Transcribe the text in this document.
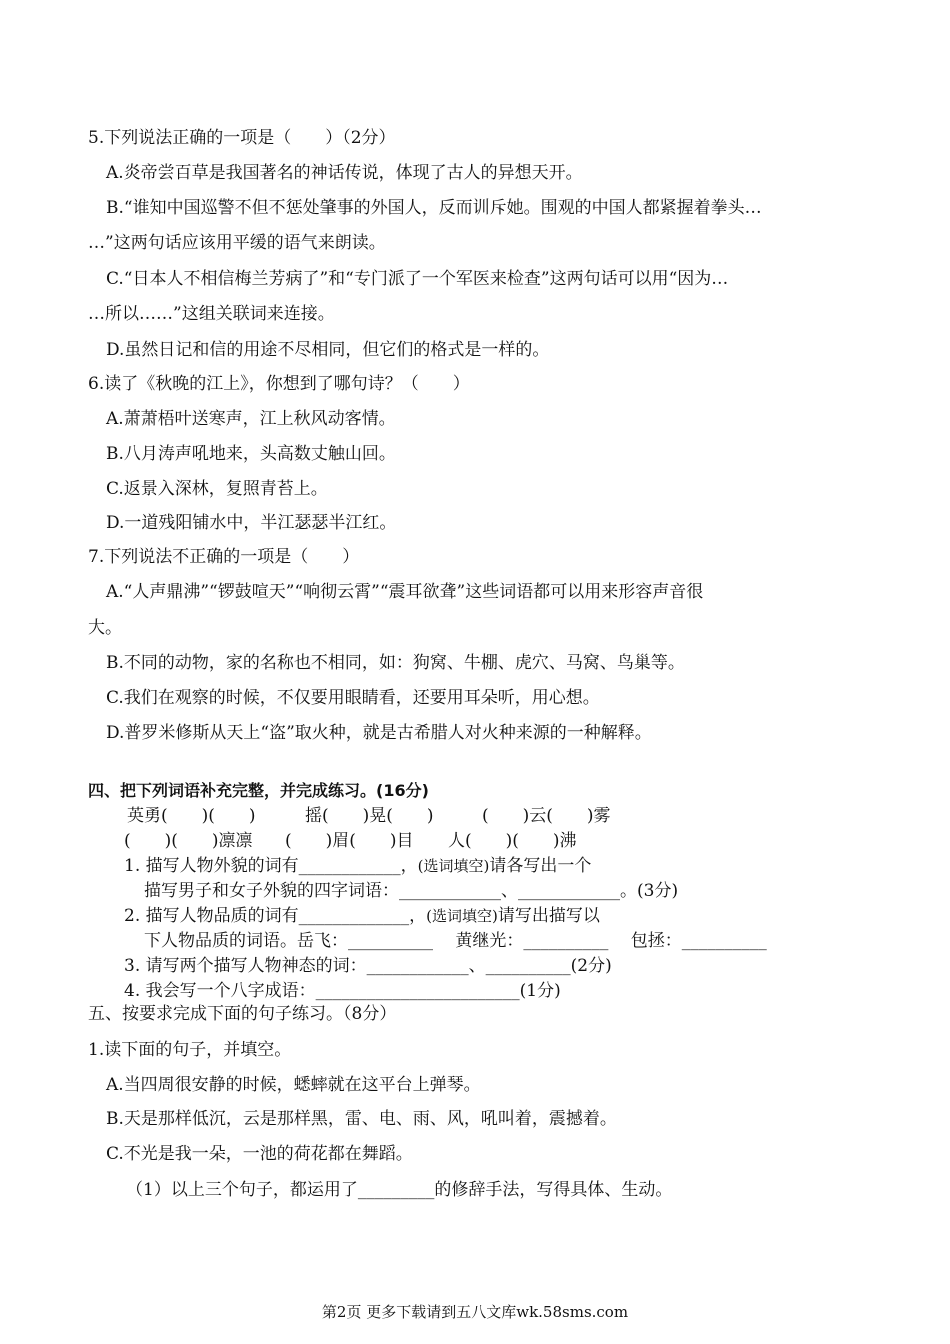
5.下列说法正确的一项是（　　）（2分）
A.炎帝尝百草是我国著名的神话传说，体现了古人的异想天开。
B.“谁知中国巡警不但不惩处肇事的外国人，反而训斥她。围观的中国人都紧握着拳头…
…”这两句话应该用平缓的语气来朗读。
C.“日本人不相信梅兰芳病了”和“专门派了一个军医来检查”这两句话可以用“因为…
…所以……”这组关联词来连接。
D.虽然日记和信的用途不尽相同，但它们的格式是一样的。
6.读了《秋晚的江上》，你想到了哪句诗？（　　）
A.萧萧梧叶送寒声，江上秋风动客情。
B.八月涛声吼地来，头高数丈触山回。
C.返景入深林，复照青苔上。
D.一道残阳铺水中，半江瑟瑟半江红。
7.下列说法不正确的一项是（　　）
A.“人声鼎沸”“锣鼓喧天”“响彻云霄”“震耳欲聋”这些词语都可以用来形容声音很
大。
B.不同的动物，家的名称也不相同，如：狗窝、牛棚、虎穴、马窝、鸟巢等。
C.我们在观察的时候，不仅要用眼睛看，还要用耳朵听，用心想。
D.普罗米修斯从天上“盗”取火种，就是古希腊人对火种来源的一种解释。
四、把下列词语补充完整，并完成练习。(16分)
英勇(　　)(　　)	摇(　　)晃(　　)	(　　)云(　　)雾
(　　)(　　)凛凛 (　　)眉(　　)目 人(　　)(　　)沸
1. 描写人物外貌的词有____________，(选词填空)请各写出一个
描写男子和女子外貌的四字词语：____________、____________。(3分)
2. 描写人物品质的词有_____________，(选词填空)请写出描写以
下人物品质的词语。岳飞：__________　 黄继光：__________　 包拯：__________
3. 请写两个描写人物神态的词：____________、__________(2分)
4. 我会写一个八字成语：________________________(1分)
五、按要求完成下面的句子练习。（8分）
1.读下面的句子，并填空。
A.当四周很安静的时候，蟋蟀就在这平台上弹琴。
B.天是那样低沉，云是那样黑，雷、电、雨、风，吼叫着，震撼着。
C.不光是我一朵，一池的荷花都在舞蹈。
（1）以上三个句子，都运用了_________的修辞手法，写得具体、生动。
第2页 更多下载请到五八文库wk.58sms.com
